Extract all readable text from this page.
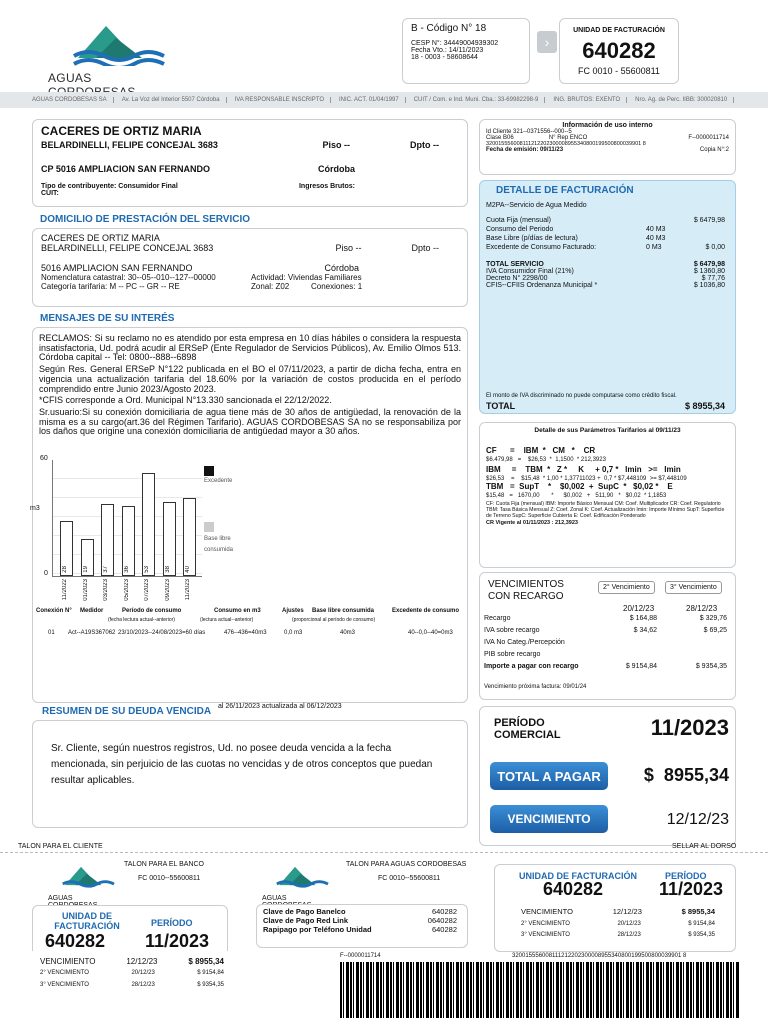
AGUAS
B - Código N° 18
CESP N°: 34449004939302
Fecha Vto.: 14/11/2023
18 - 0003 - 58608644
›
UNIDAD DE FACTURACIÓN
640282
FC 0010 - 55600811
AGUAS CORDOBESAS SA	Av. La Voz del Interior 5507 Córdoba	IVA RESPONSABLE INSCRIPTO	INIC. ACT. 01/04/1997	CUIT / Com. e Ind. Muni. Cba.: 33-69982298-9	ING. BRUTOS: EXENTO	Nro. Ag. de Perc. IIBB: 300020810
CACERES DE ORTIZ MARIA
BELARDINELLI, FELIPE CONCEJAL 3683	Piso --	Dpto --
CP 5016 AMPLIACION SAN FERNANDO	Córdoba
Tipo de contribuyente: Consumidor Final	Ingresos Brutos:
CUIT:
DOMICILIO DE PRESTACIÓN DEL SERVICIO
CACERES DE ORTIZ MARIA
BELARDINELLI, FELIPE CONCEJAL 3683	Piso --	Dpto --
5016 AMPLIACION SAN FERNANDO	Córdoba
Nomenclatura catastral: 30--05--010--127--00000	Actividad: Viviendas Familiares
Categoría tarifaria: M -- PC -- GR -- RE	Zonal: Z02	Conexiones: 1
MENSAJES DE SU INTERÉS
RECLAMOS: Si su reclamo no es atendido por esta empresa en 10 días hábiles o considera la respuesta insatisfactoria, Ud. podrá acudir al ERSeP (Ente Regulador de Servicios Públicos), Av. Emilio Olmos 513. Córdoba capital -- Tel: 0800--888--6898
Según Res. General ERSeP N°122 publicada en el BO el 07/11/2023, a partir de dicha fecha, entra en vigencia una actualización tarifaria del 18.60% por la variación de costos producida en el período comprendido entre Junio 2023/Agosto 2023.
*CFIS corresponde a Ord. Municipal N°13.330 sancionada el 22/12/2022.
Sr.usuario:Si su conexión domiciliaria de agua tiene más de 30 años de antigüedad, la renovación de la misma es a su cargo(art.36 del Régimen Tarifario). AGUAS CORDOBESAS SA no se responsabiliza por los daños que origine una conexión domiciliaria de antigüedad mayor a 30 años.
60
0
m3
28 19 37 36 53 38 40
11/2022 01/2023 03/2023 05/2023 07/2023 09/2023 11/2023
Excedente
Base libre consumida
Conexión N° Medidor	Período de consumo	Consumo en m3	Ajustes Base libre consumida	Excedente de consumo
(fecha lectura actual--anterior)	(lectura actual--anterior)	(proporcional al período de consumo)
01 Act--A19S367062 23/10/2023--24/08/2023=60 días	476--436=40m3	0,0 m3	40m3	40--0,0--40=0m3
RESUMEN DE SU DEUDA VENCIDA al 26/11/2023 actualizada al 06/12/2023
Sr. Cliente, según nuestros registros, Ud. no posee deuda vencida a la fecha mencionada, sin perjuicio de las cuotas no vencidas y de otros conceptos que puedan resultar aplicables.
Información de uso interno
Id Cliente 321--0371556--000--5
Clase B06	N° Rep ENCO	F--0000011714
320015556008111212202300008955340800199500800039901 8
Fecha de emisión: 09/11/23	Copia N°:2
DETALLE DE FACTURACIÓN
M2PA--Servicio de Agua Medido
Cuota Fija (mensual)	$ 6479,98
Consumo del Periodo	40 M3
Base Libre (p/días de lectura)	40 M3
Excedente de Consumo Facturado:	0 M3	$ 0,00
TOTAL SERVICIO	$ 6479,98
IVA Consumidor Final (21%)	$ 1360,80
Decreto N° 2298/00	$ 77,76
CFIS--CFIIS Ordenanza Municipal *	$ 1036,80
El monto de IVA discriminado no puede computarse como crédito fiscal.
TOTAL	$ 8955,34
Detalle de sus Parámetros Tarifarios al 09/11/23
CF      =    IBM  *   CM   *    CR
$6.479,98   =    $26,53  *  1,1500  * 212,3923
IBM     =    TBM  *   Z *     K     + 0,7 *   Imin   >=   Imin
$26,53    =    $15,48  * 1,00 * 1,37711023 +  0,7 * $7,448109  >= $7,448109
TBM   =  SupT    *    $0,002  +  SupC  *   $0,02 *    E
$15,48   =   1670,00       *      $0,002   +   511,90   *   $0,02  * 1,1853
CF: Cuota Fija (mensual) IBM: Importe Básico Mensual CM: Coef. Multiplicador CR: Coef. Regulatorio TBM: Tasa Básica Mensual Z: Coef. Zonal K: Coef. Actualización Imin: Importe Mínimo SupT: Superficie de Terreno SupC: Superficie Cubierta E: Coef. Edificación Ponderado
CR Vigente al 01/11/2023 : 212,3923
VENCIMIENTOS CON RECARGO
2° Vencimiento	3° Vencimiento
20/12/23	28/12/23
Recargo	$ 164,88	$ 329,76
IVA sobre recargo	$ 34,62	$ 69,25
IVA No Categ./Percepción
PIB sobre recargo
Importe a pagar con recargo	$ 9154,84	$ 9354,35
Vencimiento próxima factura: 09/01/24
PERÍODO COMERCIAL	11/2023
TOTAL A PAGAR	$  8955,34
VENCIMIENTO	12/12/23
TALON PARA EL CLIENTE	SELLAR AL DORSO
TALON PARA EL BANCO	TALON PARA AGUAS CORDOBESAS
FC 0010--55600811	FC 0010--55600811
AGUAS	AGUAS
UNIDAD DE FACTURACIÓN
640282
PERÍODO
11/2023
VENCIMIENTO	12/12/23	$ 8955,34
2° VENCIMIENTO	20/12/23	$ 9154,84
3° VENCIMIENTO	28/12/23	$ 9354,35
Clave de Pago Banelco	640282
Clave de Pago Red Link	0640282
Rapipago por Teléfono Unidad	640282
UNIDAD DE FACTURACIÓN
640282
PERÍODO
11/2023
VENCIMIENTO	12/12/23	$ 8955,34
2° VENCIMIENTO	20/12/23	$ 9154,84
3° VENCIMIENTO	28/12/23	$ 9354,35
F--0000011714	320015556008111212202300008955340800199500800039901 8
